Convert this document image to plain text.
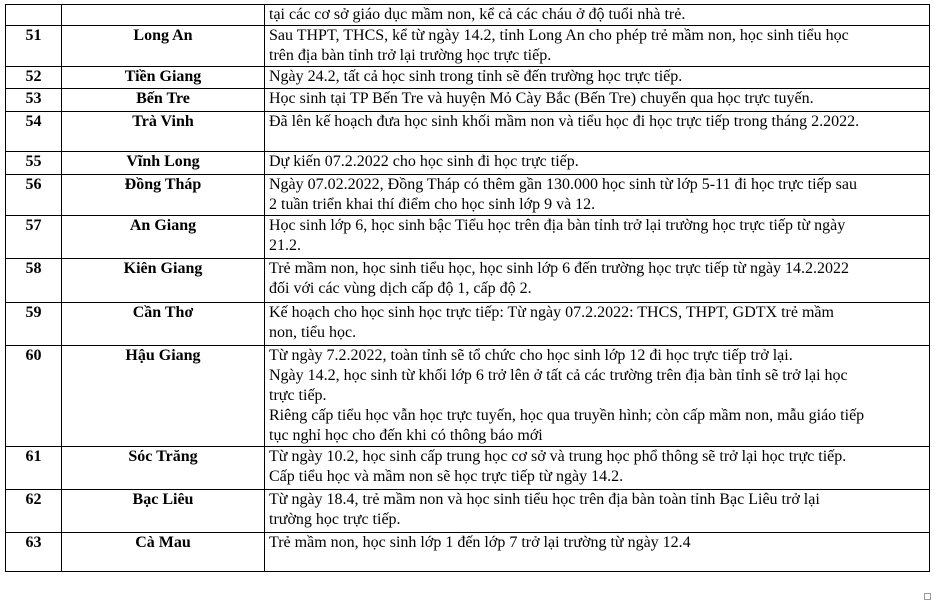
		tại các cơ sở giáo dục mầm non, kể cả các cháu ở độ tuổi nhà trẻ.

51	Long An	Sau THPT, THCS, kể từ ngày 14.2, tỉnh Long An cho phép trẻ mầm non, học sinh tiểu học
trên địa bàn tỉnh trở lại trường học trực tiếp.

52	Tiền Giang	Ngày 24.2, tất cả học sinh trong tỉnh sẽ đến trường học trực tiếp.

53	Bến Tre	Học sinh tại TP Bến Tre và huyện Mỏ Cày Bắc (Bến Tre) chuyển qua học trực tuyến.

54	Trà Vinh	Đã lên kế hoạch đưa học sinh khối mầm non và tiểu học đi học trực tiếp trong tháng 2.2022.

55	Vĩnh Long	Dự kiến 07.2.2022 cho học sinh đi học trực tiếp.

56	Đồng Tháp	Ngày 07.02.2022, Đồng Tháp có thêm gần 130.000 học sinh từ lớp 5-11 đi học trực tiếp sau
2 tuần triển khai thí điểm cho học sinh lớp 9 và 12.

57	An Giang	Học sinh lớp 6, học sinh bậc Tiểu học trên địa bàn tỉnh trở lại trường học trực tiếp từ ngày
21.2.

58	Kiên Giang	Trẻ mầm non, học sinh tiểu học, học sinh lớp 6 đến trường học trực tiếp từ ngày 14.2.2022
đối với các vùng dịch cấp độ 1, cấp độ 2.

59	Cần Thơ	Kế hoạch cho học sinh học trực tiếp: Từ ngày 07.2.2022: THCS, THPT, GDTX trẻ mầm
non, tiểu học.

60	Hậu Giang	Từ ngày 7.2.2022, toàn tỉnh sẽ tổ chức cho học sinh lớp 12 đi học trực tiếp trở lại.
Ngày 14.2, học sinh từ khối lớp 6 trở lên ở tất cả các trường trên địa bàn tỉnh sẽ trở lại học
trực tiếp.
Riêng cấp tiểu học vẫn học trực tuyến, học qua truyền hình; còn cấp mầm non, mẫu giáo tiếp
tục nghỉ học cho đến khi có thông báo mới

61	Sóc Trăng	Từ ngày 10.2, học sinh cấp trung học cơ sở và trung học phổ thông sẽ trở lại học trực tiếp.
Cấp tiểu học và mầm non sẽ học trực tiếp từ ngày 14.2.

62	Bạc Liêu	Từ ngày 18.4, trẻ mầm non và học sinh tiểu học trên địa bàn toàn tỉnh Bạc Liêu trở lại
trường học trực tiếp.

63	Cà Mau	Trẻ mầm non, học sinh lớp 1 đến lớp 7 trở lại trường từ ngày 12.4
